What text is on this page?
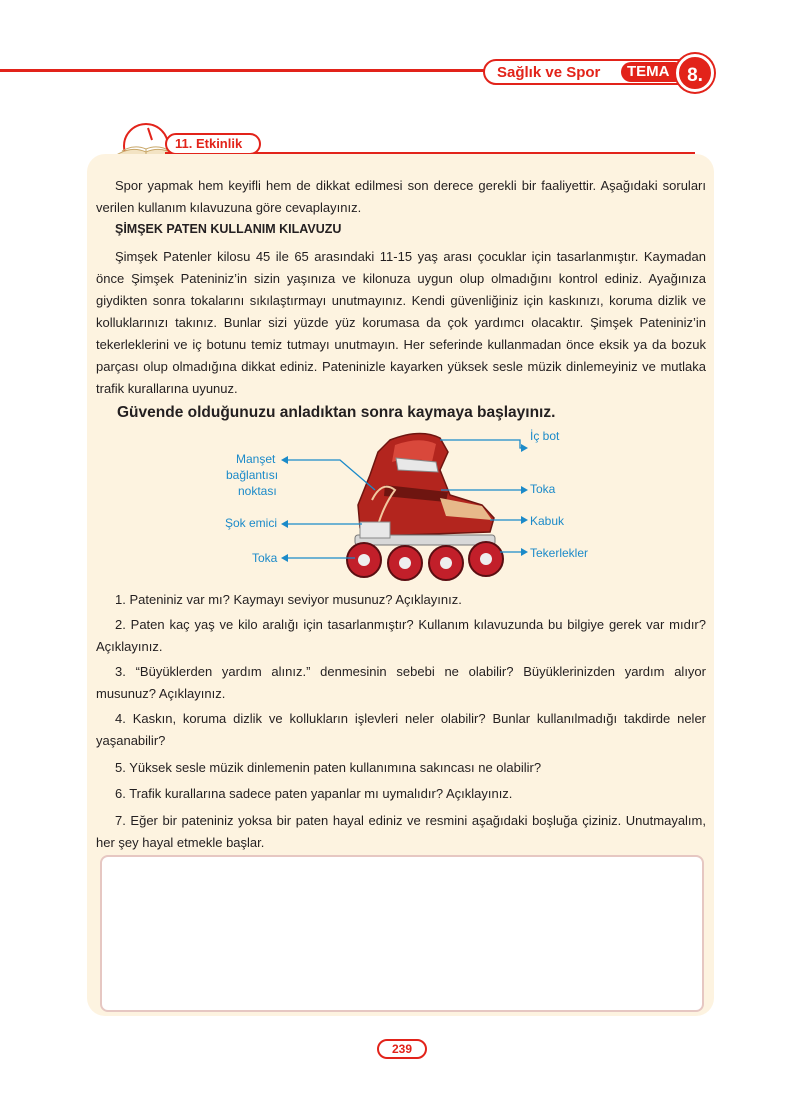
Sağlık ve Spor	TEMA 8.
11. Etkinlik

Spor yapmak hem keyifli hem de dikkat edilmesi son derece gerekli bir faaliyettir. Aşağıdaki soruları verilen kullanım kılavuzuna göre cevaplayınız.

ŞİMŞEK PATEN KULLANIM KILAVUZU

Şimşek Patenler kilosu 45 ile 65 arasındaki 11-15 yaş arası çocuklar için tasarlanmıştır. Kaymadan önce Şimşek Pateniniz’in sizin yaşınıza ve kilonuza uygun olup olmadığını kontrol ediniz. Ayağınıza giydikten sonra tokalarını sıkılaştırmayı unutmayınız. Kendi güvenliğiniz için kaskınızı, koruma dizlik ve kolluklarınızı takınız. Bunlar sizi yüzde yüz korumasa da çok yardımcı olacaktır. Şimşek Pateniniz’in tekerleklerini ve iç botunu temiz tutmayı unutmayın. Her seferinde kullanmadan önce eksik ya da bozuk parçası olup olmadığına dikkat ediniz. Pateninizle kayarken yüksek sesle müzik dinlemeyiniz ve mutlaka trafik kurallarına uyunuz.

Güvende olduğunuzu anladıktan sonra kaymaya başlayınız.
Manşet
bağlantısı
noktası
Şok emici
Toka
İç bot
Toka
Kabuk
Tekerlekler

1. Pateniniz var mı? Kaymayı seviyor musunuz? Açıklayınız.

2. Paten kaç yaş ve kilo aralığı için tasarlanmıştır? Kullanım kılavuzunda bu bilgiye gerek var mıdır? Açıklayınız.

3. “Büyüklerden yardım alınız.” denmesinin sebebi ne olabilir? Büyüklerinizden yardım alıyor musunuz? Açıklayınız.

4. Kaskın, koruma dizlik ve kollukların işlevleri neler olabilir? Bunlar kullanılmadığı takdirde neler yaşanabilir?

5. Yüksek sesle müzik dinlemenin paten kullanımına sakıncası ne olabilir?

6. Trafik kurallarına sadece paten yapanlar mı uymalıdır? Açıklayınız.

7. Eğer bir pateniniz yoksa bir paten hayal ediniz ve resmini aşağıdaki boşluğa çiziniz. Unutmayalım, her şey hayal etmekle başlar.

239
